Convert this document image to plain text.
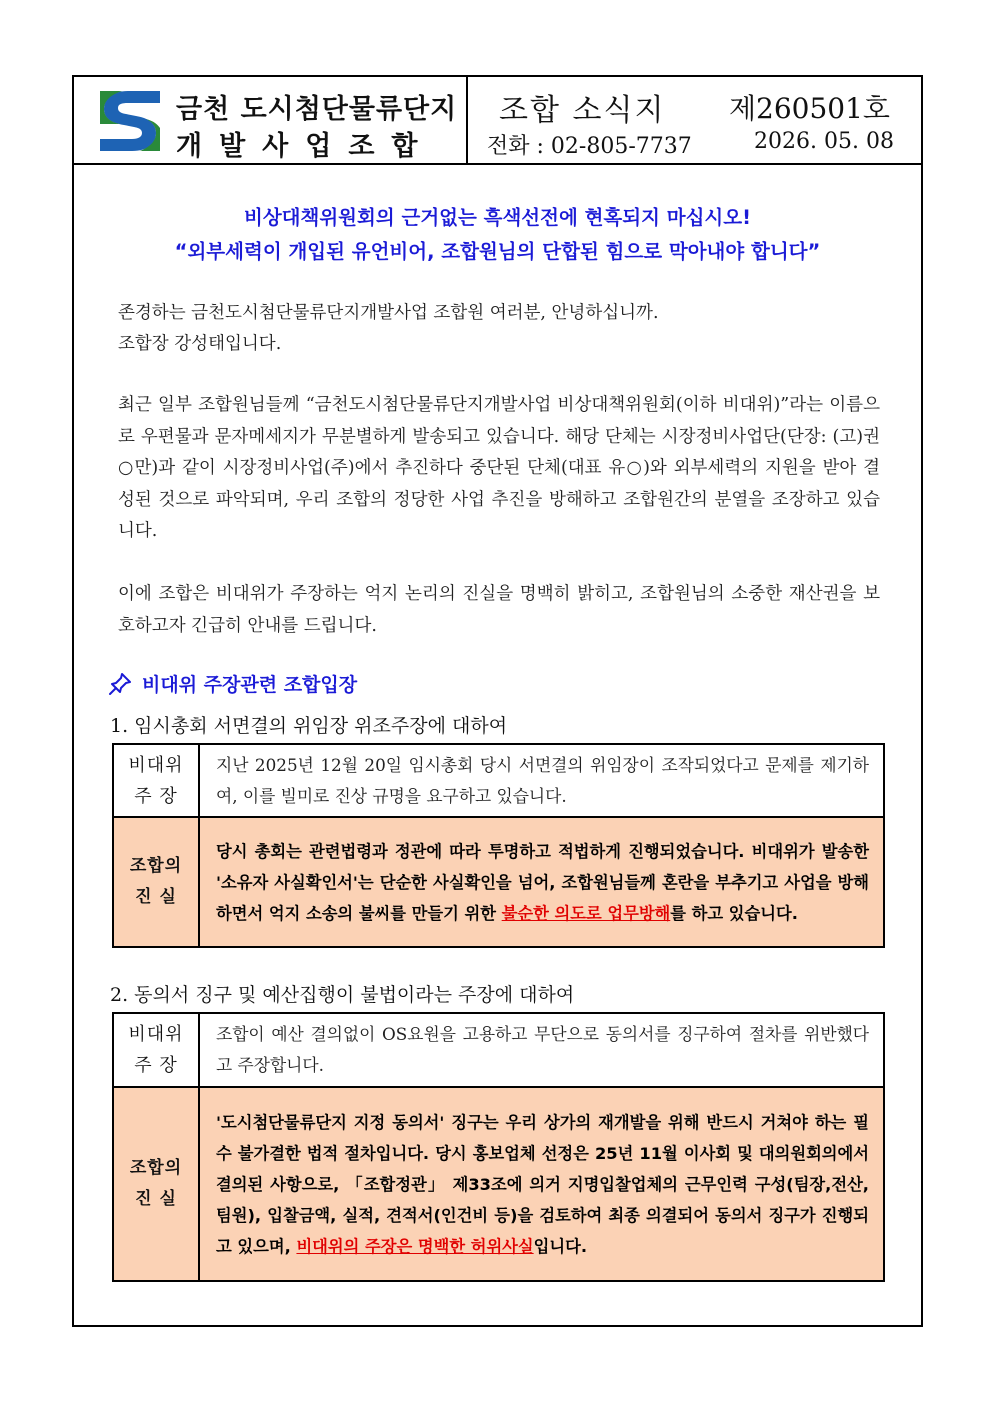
금천 도시첨단물류단지
개발사업조합
조합 소식지 제260501호
전화 : 02-805-7737	2026. 05. 08
비상대책위원회의 근거없는 흑색선전에 현혹되지 마십시오!
“외부세력이 개입된 유언비어, 조합원님의 단합된 힘으로 막아내야 합니다”
존경하는 금천도시첨단물류단지개발사업 조합원 여러분, 안녕하십니까.
조합장 강성태입니다.
최근 일부 조합원님들께 “금천도시첨단물류단지개발사업 비상대책위원회(이하 비대위)”라는 이름으로 우편물과 문자메세지가 무분별하게 발송되고 있습니다. 해당 단체는 시장정비사업단(단장: (고)권○만)과 같이 시장정비사업(주)에서 추진하다 중단된 단체(대표 유○)와 외부세력의 지원을 받아 결성된 것으로 파악되며, 우리 조합의 정당한 사업 추진을 방해하고 조합원간의 분열을 조장하고 있습니다.
이에 조합은 비대위가 주장하는 억지 논리의 진실을 명백히 밝히고, 조합원님의 소중한 재산권을 보호하고자 긴급히 안내를 드립니다.
비대위 주장관련 조합입장
1. 임시총회 서면결의 위임장 위조주장에 대하여
비대위
주 장	지난 2025년 12월 20일 임시총회 당시 서면결의 위임장이 조작되었다고 문제를 제기하여, 이를 빌미로 진상 규명을 요구하고 있습니다.

조합의
진 실	당시 총회는 관련법령과 정관에 따라 투명하고 적법하게 진행되었습니다. 비대위가 발송한 '소유자 사실확인서'는 단순한 사실확인을 넘어, 조합원님들께 혼란을 부추기고 사업을 방해하면서 억지 소송의 불씨를 만들기 위한 불순한 의도로 업무방해를 하고 있습니다.
2. 동의서 징구 및 예산집행이 불법이라는 주장에 대하여
비대위
주 장	조합이 예산 결의없이 OS요원을 고용하고 무단으로 동의서를 징구하여 절차를 위반했다고 주장합니다.

조합의
진 실	'도시첨단물류단지 지정 동의서' 징구는 우리 상가의 재개발을 위해 반드시 거쳐야 하는 필수 불가결한 법적 절차입니다. 당시 홍보업체 선정은 25년 11월 이사회 및 대의원회의에서 결의된 사항으로, 「조합정관」 제33조에 의거 지명입찰업체의 근무인력 구성(팀장,전산,팀원), 입찰금액, 실적, 견적서(인건비 등)을 검토하여 최종 의결되어 동의서 징구가 진행되고 있으며, 비대위의 주장은 명백한 허위사실입니다.
